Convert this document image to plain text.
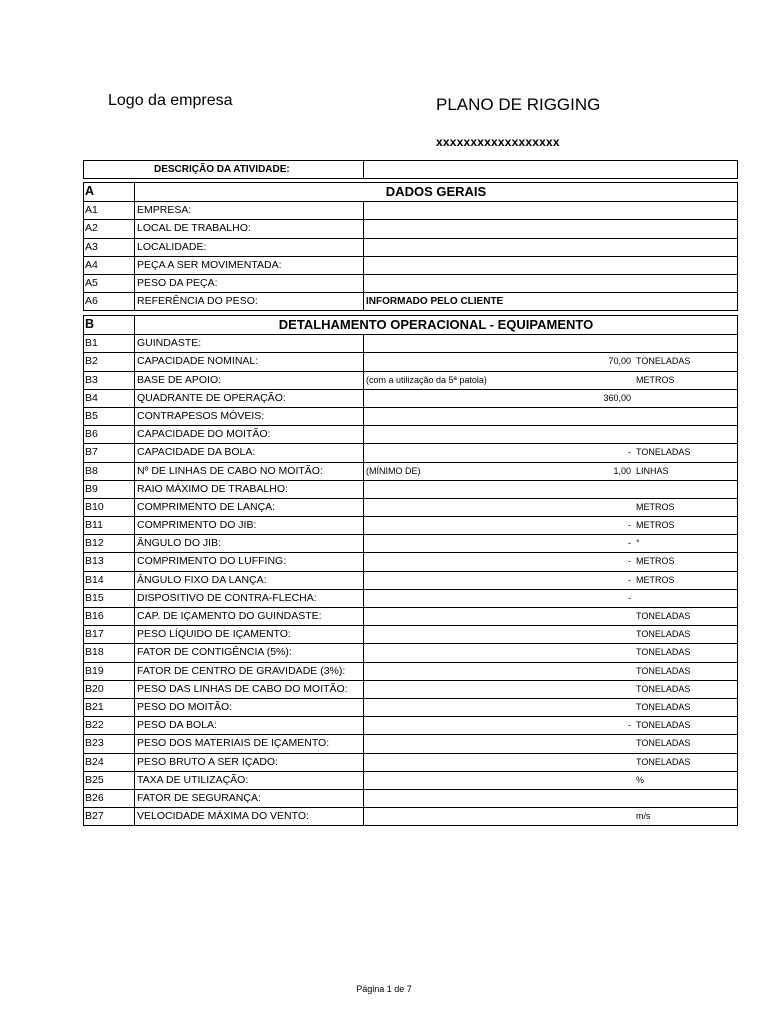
Logo da empresa	PLANO DE RIGGING
xxxxxxxxxxxxxxxxxx
DESCRIÇÃO DA ATIVIDADE:
A	DADOS GERAIS
A1	EMPRESA:
A2	LOCAL DE TRABALHO:
A3	LOCALIDADE:
A4	PEÇA A SER MOVIMENTADA:
A5	PESO DA PEÇA:
A6	REFERÊNCIA DO PESO:	INFORMADO PELO CLIENTE
B	DETALHAMENTO OPERACIONAL - EQUIPAMENTO
B1	GUINDASTE:
B2	CAPACIDADE NOMINAL:	70,00 TONELADAS
B3	BASE DE APOIO:	(com a utilização da 5ª patola)	METROS
B4	QUADRANTE DE OPERAÇÃO:	360,00
B5	CONTRAPESOS MÓVEIS:
B6	CAPACIDADE DO MOITÃO:
B7	CAPACIDADE DA BOLA:	- TONELADAS
B8	Nº DE LINHAS DE CABO NO MOITÃO:	(MÍNIMO DE)	1,00 LINHAS
B9	RAIO MÁXIMO DE TRABALHO:
B10	COMPRIMENTO DE LANÇA:	METROS
B11	COMPRIMENTO DO JIB:	- METROS
B12	ÂNGULO DO JIB:	- °
B13	COMPRIMENTO DO LUFFING:	- METROS
B14	ÂNGULO FIXO DA LANÇA:	- METROS
B15	DISPOSITIVO DE CONTRA-FLECHA:	-
B16	CAP. DE IÇAMENTO DO GUINDASTE:	TONELADAS
B17	PESO LÍQUIDO DE IÇAMENTO:	TONELADAS
B18	FATOR DE CONTIGÊNCIA (5%):	TONELADAS
B19	FATOR DE CENTRO DE GRAVIDADE (3%):	TONELADAS
B20	PESO DAS LINHAS DE CABO DO MOITÃO:	TONELADAS
B21	PESO DO MOITÃO:	TONELADAS
B22	PESO DA BOLA:	- TONELADAS
B23	PESO DOS MATERIAIS DE IÇAMENTO:	TONELADAS
B24	PESO BRUTO A SER IÇADO:	TONELADAS
B25	TAXA DE UTILIZAÇÃO:	%
B26	FATOR DE SEGURANÇA:
B27	VELOCIDADE MÁXIMA DO VENTO:	m/s
Página 1 de 7
